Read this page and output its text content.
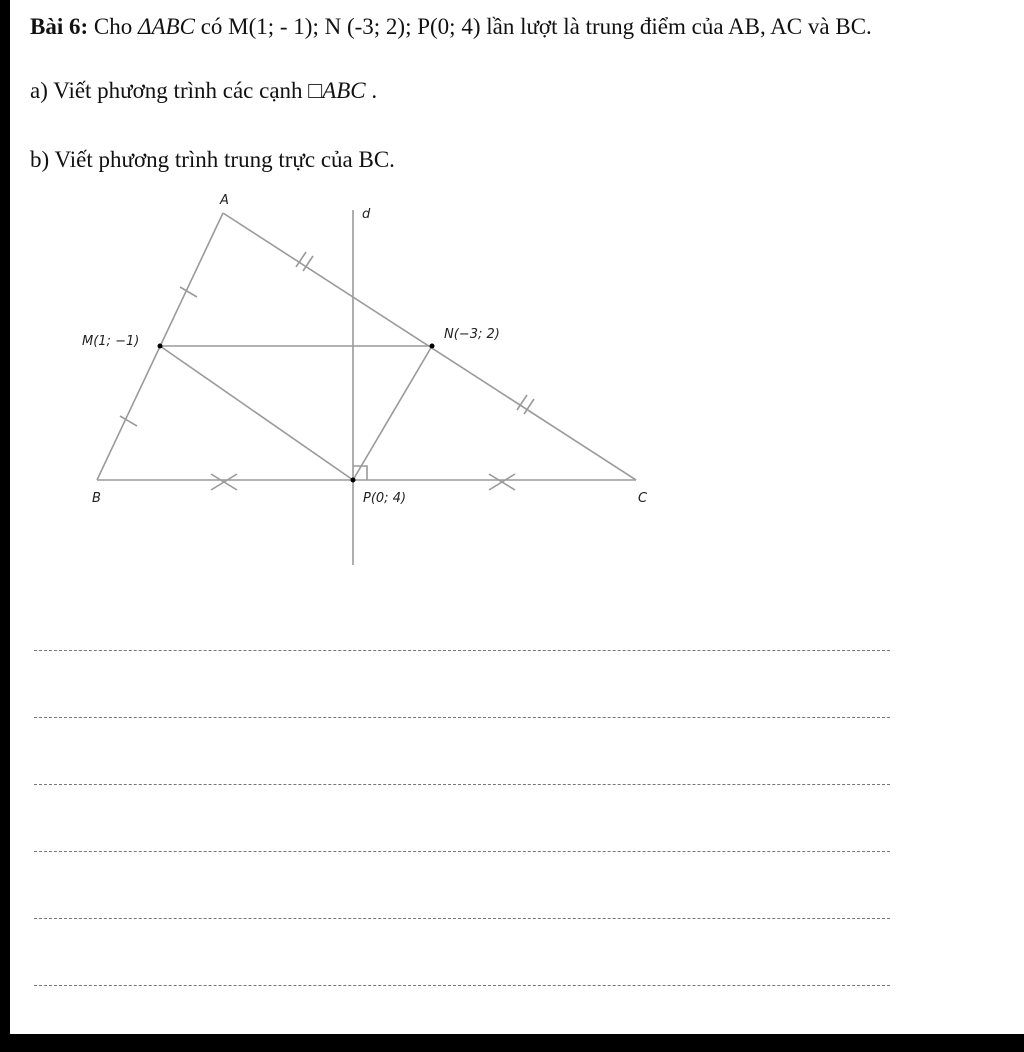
Bài 6: Cho ΔABC có M(1; - 1); N (-3; 2); P(0; 4) lần lượt là trung điểm của AB, AC và BC.
a) Viết phương trình các cạnh □ABC .
b) Viết phương trình trung trực của BC.
A
B	C
d
M(1; −1)	N(−3; 2)
P(0; 4)
